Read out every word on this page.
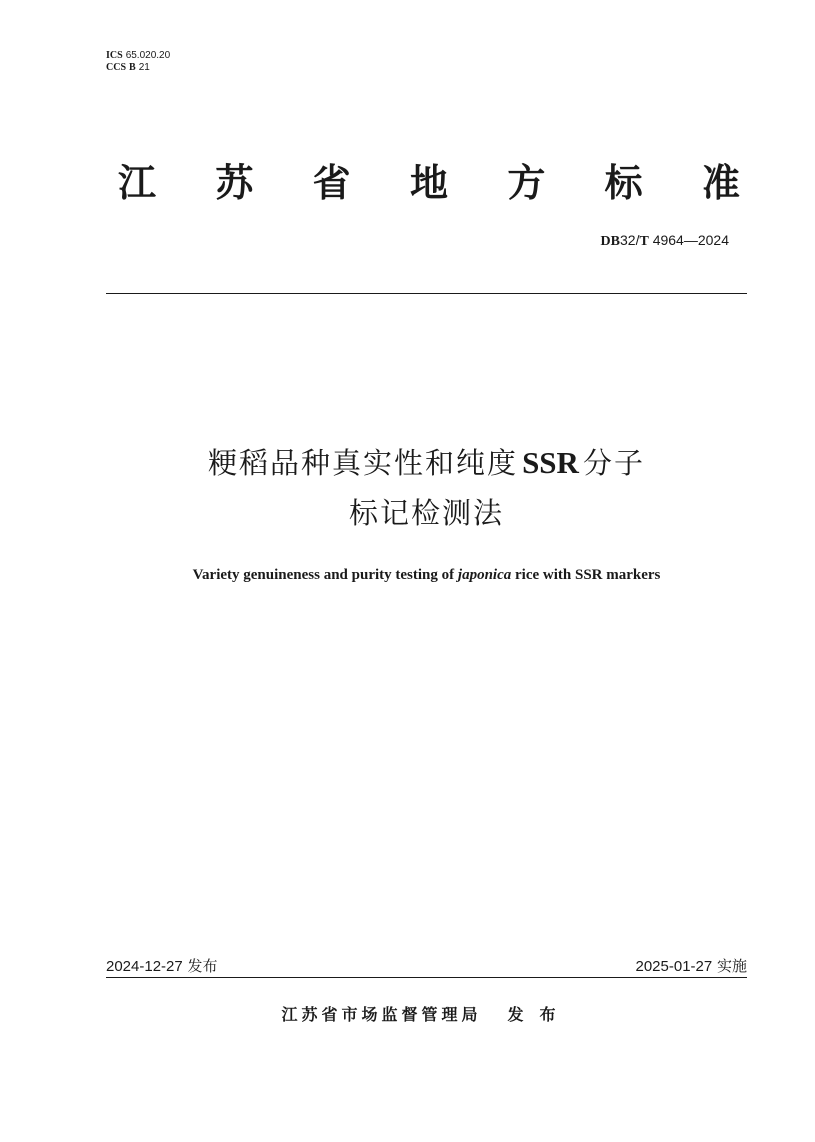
ICS 65.020.20
CCS B 21
江 苏 省 地 方 标 准
DB32/T 4964—2024
粳稻品种真实性和纯度 SSR 分子
标记检测法
Variety genuineness and purity testing of japonica rice with SSR markers
2024-12-27 发布	2025-01-27 实施
江苏省市场监督管理局 发布
